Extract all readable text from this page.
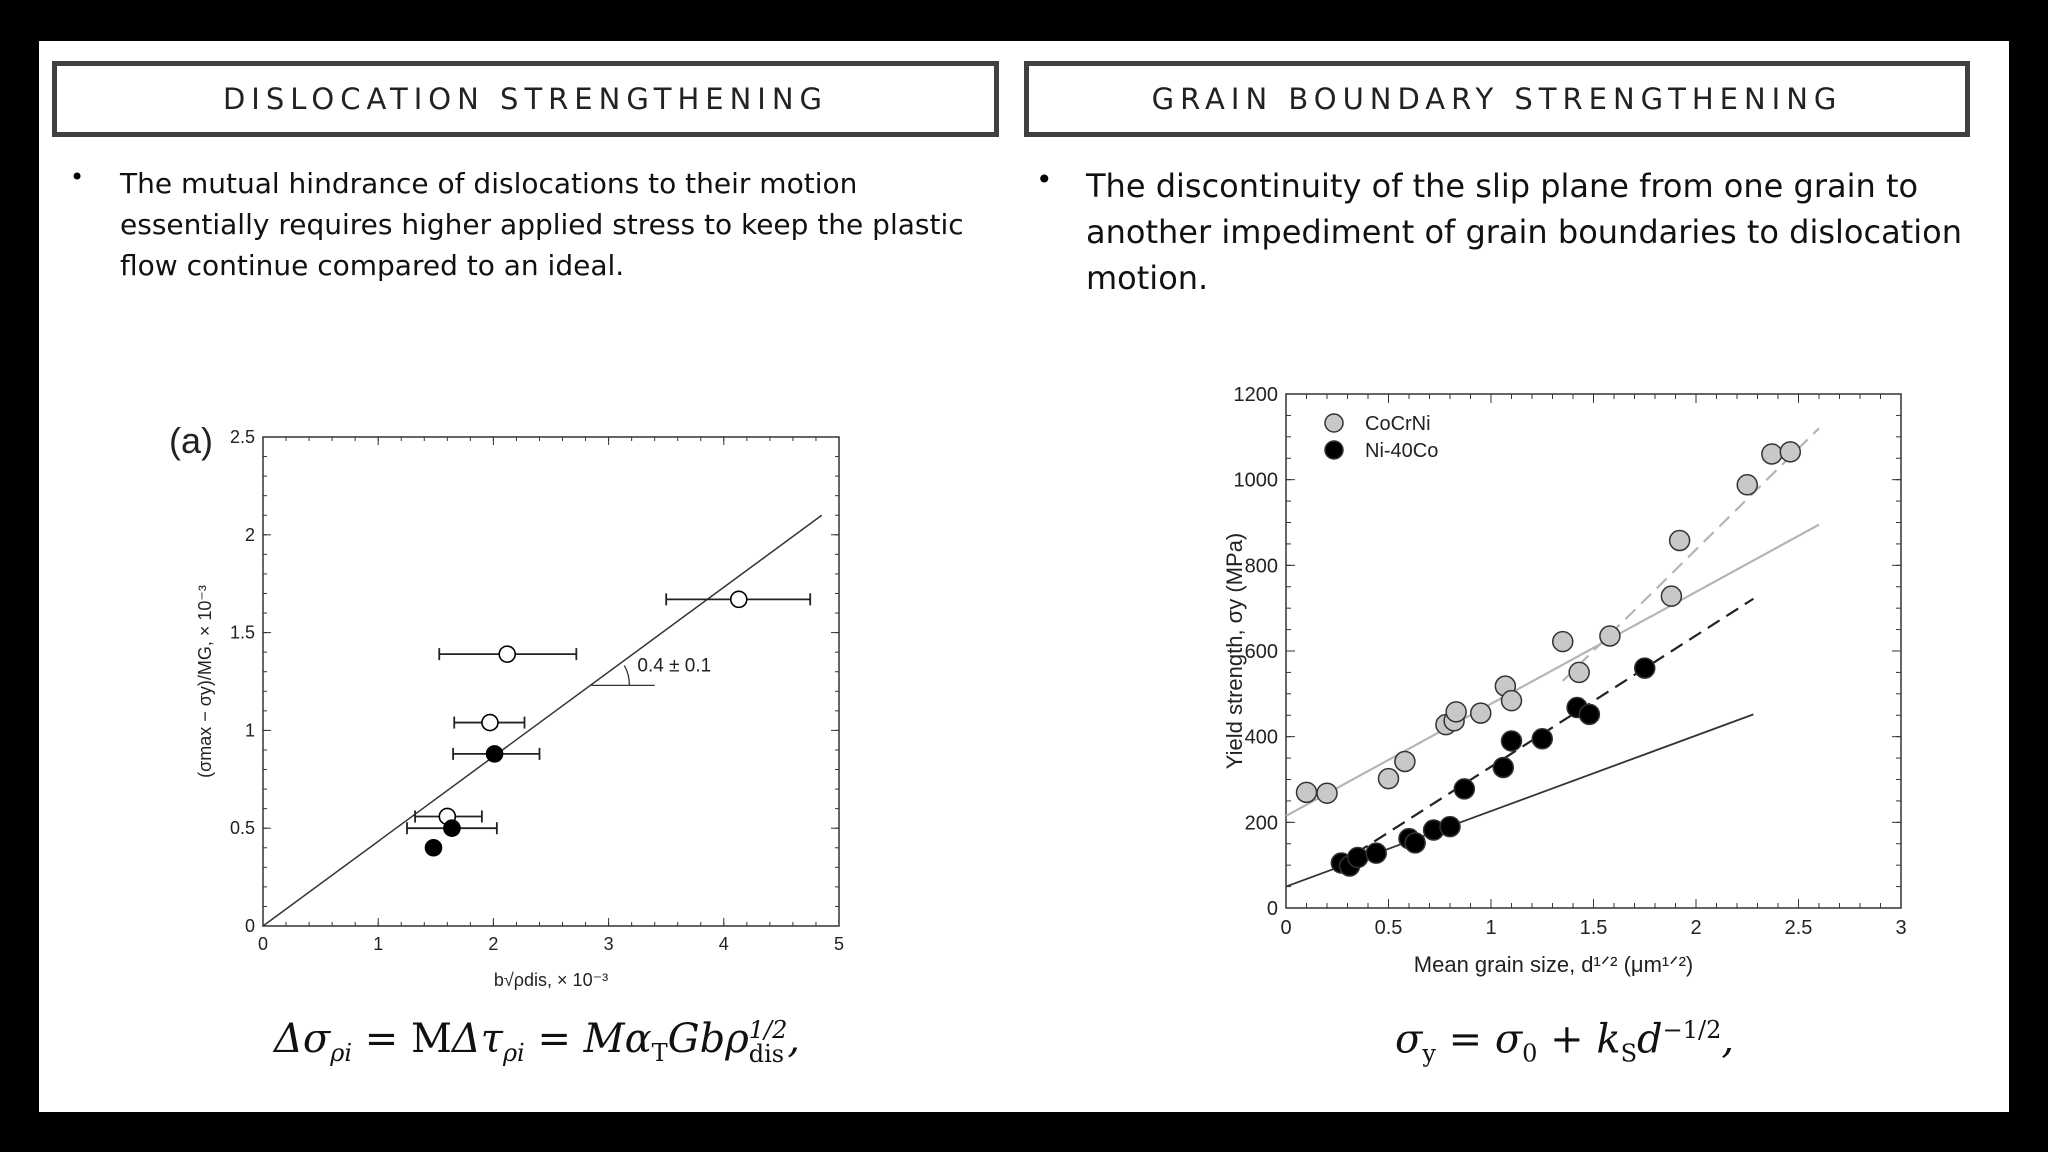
DISLOCATION STRENGTHENING	GRAIN BOUNDARY STRENGTHENING
•	The mutual hindrance of dislocations to their motion essentially requires higher applied stress to keep the plastic flow continue compared to an ideal.
•	The discontinuity of the slip plane from one grain to another impediment of grain boundaries to dislocation motion.
0	1	2	3	4	5
0
0.5
1
1.5
2
2.5
(a)
b√ρdis, × 10⁻³
(σmax − σy)/MG, × 10⁻³	0.4 ± 0.1
0	0.5	1	1.5	2	2.5	3
0
200
400
600
800
1000
1200
Mean grain size, d¹ᐟ² (μm¹ᐟ²)
Yield strength, σy (MPa)
CoCrNi
Ni-40Co
$\Delta\sigma_{\rho i} = M\Delta\tau_{\rho i} = M\alpha_TGb\rho$ 1/2
dis ,	$\sigma_y = \sigma_0 + k_Sd^{-1/2}$,
